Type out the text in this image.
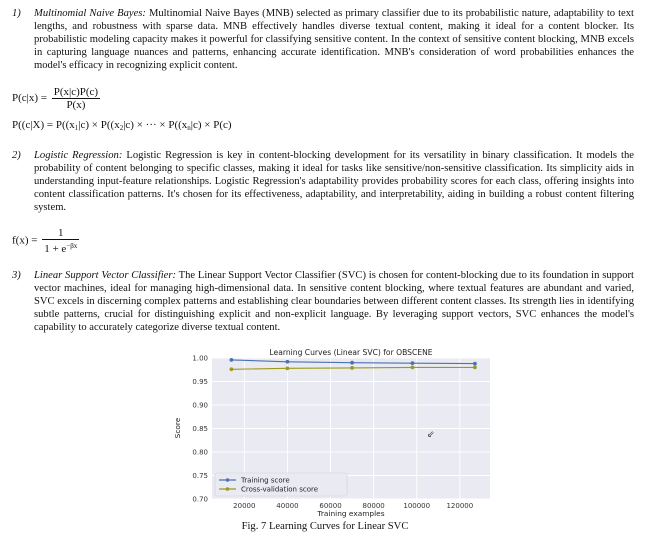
1) Multinomial Naive Bayes: Multinomial Naive Bayes (MNB) selected as primary classifier due to its probabilistic nature, adaptability to text lengths, and robustness with sparse data. MNB effectively handles diverse textual content, making it ideal for a content blocker. Its probabilistic modeling capacity makes it powerful for classifying sensitive content. In the context of sensitive content blocking, MNB excels in capturing language nuances and patterns, enhancing accurate identification. MNB's consideration of word probabilities enhances the model's efficacy in recognizing explicit content.
$P(c|x) = \frac{P(x|c)P(c)}{P(x)}$
$P((c|X) = P((x_1|c) \times P((x_2|c)$ × ··· × $P((x_n|c) \times P(c)$
2) Logistic Regression: Logistic Regression is key in content-blocking development for its versatility in binary classification. It models the probability of content belonging to specific classes, making it ideal for tasks like sensitive/non-sensitive classification. Its simplicity aids in understanding input-feature relationships. Logistic Regression's adaptability provides probability scores for each class, offering insights into content classification patterns. It's chosen for its effectiveness, adaptability, and interpretability, aiding in building a robust content filtering system.
$f(x) = \frac{1}{1 + e^{-\beta x}}$
3) Linear Support Vector Classifier: The Linear Support Vector Classifier (SVC) is chosen for content-blocking due to its foundation in support vector machines, ideal for managing high-dimensional data. In sensitive content blocking, where textual features are abundant and varied, SVC excels in discerning complex patterns and establishing clear boundaries between different content classes. Its strength lies in identifying subtle patterns, crucial for distinguishing explicit and non-explicit language. By leveraging support vectors, SVC enhances the model's capability to accurately categorize diverse textual content.
0.70
0.75
0.80
0.85
0.90
0.95
1.00
20000	40000	60000	80000	100000 120000
Learning Curves (Linear SVC) for OBSCENE
Training examples
Score
Training score
Cross-validation score
⇙
Fig. 7 Learning Curves for Linear SVC
